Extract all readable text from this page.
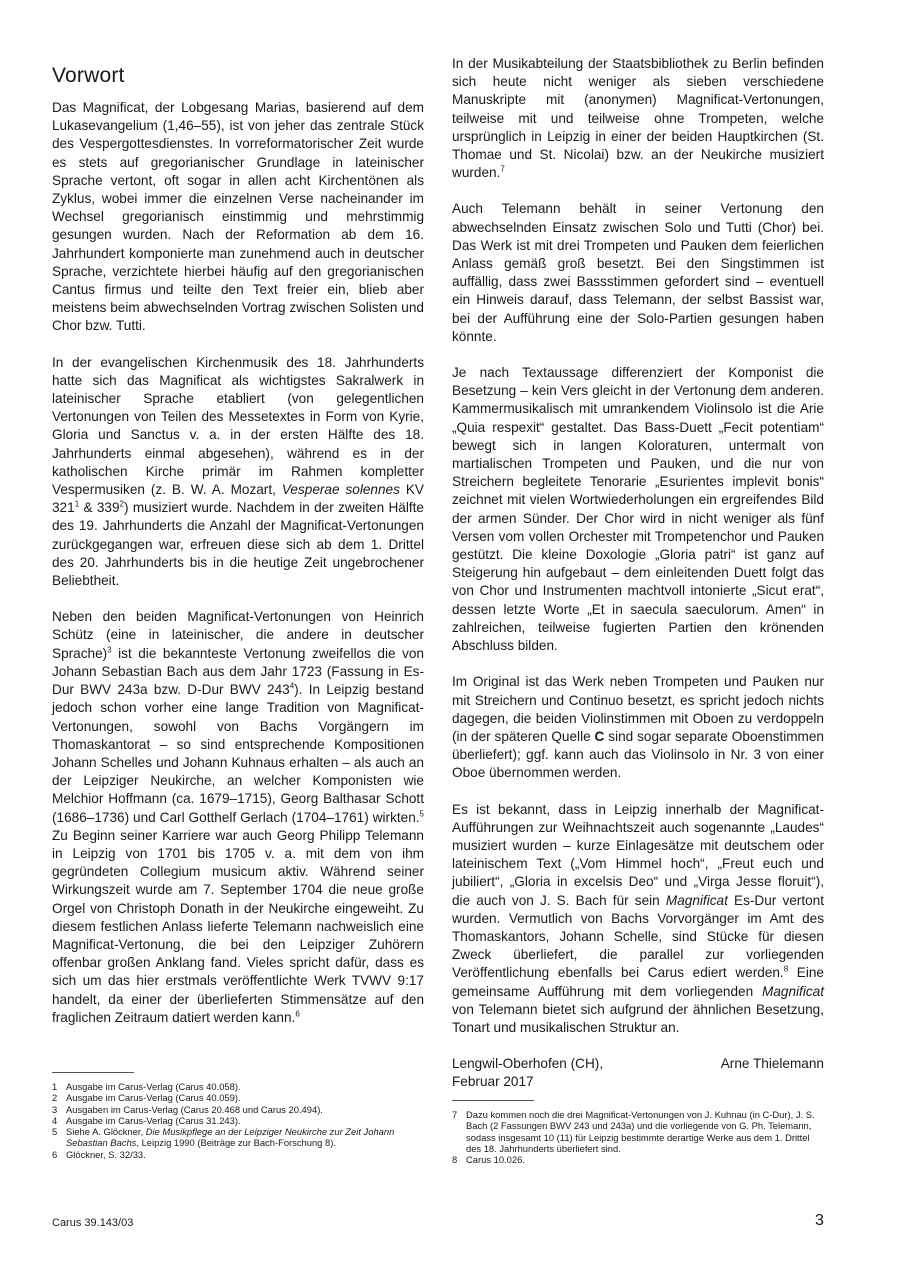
Vorwort

Das Magnificat, der Lobgesang Marias, basierend auf dem Lukasevangelium (1,46–55), ist von jeher das zentrale Stück des Vespergottesdienstes. In vorreformatorischer Zeit wurde es stets auf gregorianischer Grundlage in lateinischer Sprache vertont, oft sogar in allen acht Kirchentönen als Zyklus, wobei immer die einzelnen Verse nacheinander im Wechsel gregorianisch einstimmig und mehrstimmig gesungen wurden. Nach der Reformation ab dem 16. Jahrhundert komponierte man zunehmend auch in deutscher Sprache, verzichtete hierbei häufig auf den gregorianischen Cantus firmus und teilte den Text freier ein, blieb aber meistens beim abwechselnden Vortrag zwischen Solisten und Chor bzw. Tutti.

In der evangelischen Kirchenmusik des 18. Jahrhunderts hatte sich das Magnificat als wichtigstes Sakralwerk in lateinischer Sprache etabliert (von gelegentlichen Vertonungen von Teilen des Messetextes in Form von Kyrie, Gloria und Sanctus v. a. in der ersten Hälfte des 18. Jahrhunderts einmal abgesehen), während es in der katholischen Kirche primär im Rahmen kompletter Vespermusiken (z. B. W. A. Mozart, Vesperae solennes KV $321^1$ & $339^2$) musiziert wurde. Nachdem in der zweiten Hälfte des 19. Jahrhunderts die Anzahl der Magnificat-Vertonungen zurückgegangen war, erfreuen diese sich ab dem 1. Drittel des 20. Jahrhunderts bis in die heutige Zeit ungebrochener Beliebtheit.

Neben den beiden Magnificat-Vertonungen von Heinrich Schütz (eine in lateinischer, die andere in deutscher Sprache)$^3$ ist die bekannteste Vertonung zweifellos die von Johann Sebastian Bach aus dem Jahr 1723 (Fassung in Es-Dur BWV 243a bzw. D-Dur BWV $243^4$). In Leipzig bestand jedoch schon vorher eine lange Tradition von Magnificat-Vertonungen, sowohl von Bachs Vorgängern im Thomaskantorat – so sind entsprechende Kompositionen Johann Schelles und Johann Kuhnaus erhalten – als auch an der Leipziger Neukirche, an welcher Komponisten wie Melchior Hoffmann (ca. 1679–1715), Georg Balthasar Schott (1686–1736) und Carl Gotthelf Gerlach (1704–1761) wirkten.$^5$ Zu Beginn seiner Karriere war auch Georg Philipp Telemann in Leipzig von 1701 bis 1705 v. a. mit dem von ihm gegründeten Collegium musicum aktiv. Während seiner Wirkungszeit wurde am 7. September 1704 die neue große Orgel von Christoph Donath in der Neukirche eingeweiht. Zu diesem festlichen Anlass lieferte Telemann nachweislich eine Magnificat-Vertonung, die bei den Leipziger Zuhörern offenbar großen Anklang fand. Vieles spricht dafür, dass es sich um das hier erstmals veröffentlichte Werk TVWV 9:17 handelt, da einer der überlieferten Stimmensätze auf den fraglichen Zeitraum datiert werden kann.$^6$

In der Musikabteilung der Staatsbibliothek zu Berlin befinden sich heute nicht weniger als sieben verschiedene Manuskripte mit (anonymen) Magnificat-Vertonungen, teilweise mit und teilweise ohne Trompeten, welche ursprünglich in Leipzig in einer der beiden Hauptkirchen (St. Thomae und St. Nicolai) bzw. an der Neukirche musiziert wurden.$^7$

Auch Telemann behält in seiner Vertonung den abwechselnden Einsatz zwischen Solo und Tutti (Chor) bei. Das Werk ist mit drei Trompeten und Pauken dem feierlichen Anlass gemäß groß besetzt. Bei den Singstimmen ist auffällig, dass zwei Bassstimmen gefordert sind – eventuell ein Hinweis darauf, dass Telemann, der selbst Bassist war, bei der Aufführung eine der Solo-Partien gesungen haben könnte.

Je nach Textaussage differenziert der Komponist die Besetzung – kein Vers gleicht in der Vertonung dem anderen. Kammermusikalisch mit umrankendem Violinsolo ist die Arie „Quia respexit“ gestaltet. Das Bass-Duett „Fecit potentiam“ bewegt sich in langen Koloraturen, untermalt von martialischen Trompeten und Pauken, und die nur von Streichern begleitete Tenorarie „Esurientes implevit bonis“ zeichnet mit vielen Wortwiederholungen ein ergreifendes Bild der armen Sünder. Der Chor wird in nicht weniger als fünf Versen vom vollen Orchester mit Trompetenchor und Pauken gestützt. Die kleine Doxologie „Gloria patri“ ist ganz auf Steigerung hin aufgebaut – dem einleitenden Duett folgt das von Chor und Instrumenten machtvoll intonierte „Sicut erat“, dessen letzte Worte „Et in saecula saeculorum. Amen“ in zahlreichen, teilweise fugierten Partien den krönenden Abschluss bilden.

Im Original ist das Werk neben Trompeten und Pauken nur mit Streichern und Continuo besetzt, es spricht jedoch nichts dagegen, die beiden Violinstimmen mit Oboen zu verdoppeln (in der späteren Quelle C sind sogar separate Oboenstimmen überliefert); ggf. kann auch das Violinsolo in Nr. 3 von einer Oboe übernommen werden.

Es ist bekannt, dass in Leipzig innerhalb der Magnificat-Aufführungen zur Weihnachtszeit auch sogenannte „Laudes“ musiziert wurden – kurze Einlagesätze mit deutschem oder lateinischem Text („Vom Himmel hoch“, „Freut euch und jubiliert“, „Gloria in excelsis Deo“ und „Virga Jesse floruit“), die auch von J. S. Bach für sein Magnificat Es-Dur vertont wurden. Vermutlich von Bachs Vorvorgänger im Amt des Thomaskantors, Johann Schelle, sind Stücke für diesen Zweck überliefert, die parallel zur vorliegenden Veröffentlichung ebenfalls bei Carus ediert werden.$^8$ Eine gemeinsame Aufführung mit dem vorliegenden Magnificat von Telemann bietet sich aufgrund der ähnlichen Besetzung, Tonart und musikalischen Struktur an.

Lengwil-Oberhofen (CH),	Arne Thielemann
Februar 2017
1 Ausgabe im Carus-Verlag (Carus 40.058).
2 Ausgabe im Carus-Verlag (Carus 40.059).
3 Ausgaben im Carus-Verlag (Carus 20.468 und Carus 20.494).
4 Ausgabe im Carus-Verlag (Carus 31.243).
5 Siehe A. Glöckner, Die Musikpflege an der Leipziger Neukirche zur Zeit Johann Sebastian Bachs, Leipzig 1990 (Beiträge zur Bach-Forschung 8).
6 Glöckner, S. 32/33.
7 Dazu kommen noch die drei Magnificat-Vertonungen von J. Kuhnau (in C-Dur), J. S. Bach (2 Fassungen BWV 243 und 243a) und die vorliegende von G. Ph. Telemann, sodass insgesamt 10 (11) für Leipzig bestimmte derartige Werke aus dem 1. Drittel des 18. Jahrhunderts überliefert sind.
8 Carus 10.026.
Carus 39.143/03	3
